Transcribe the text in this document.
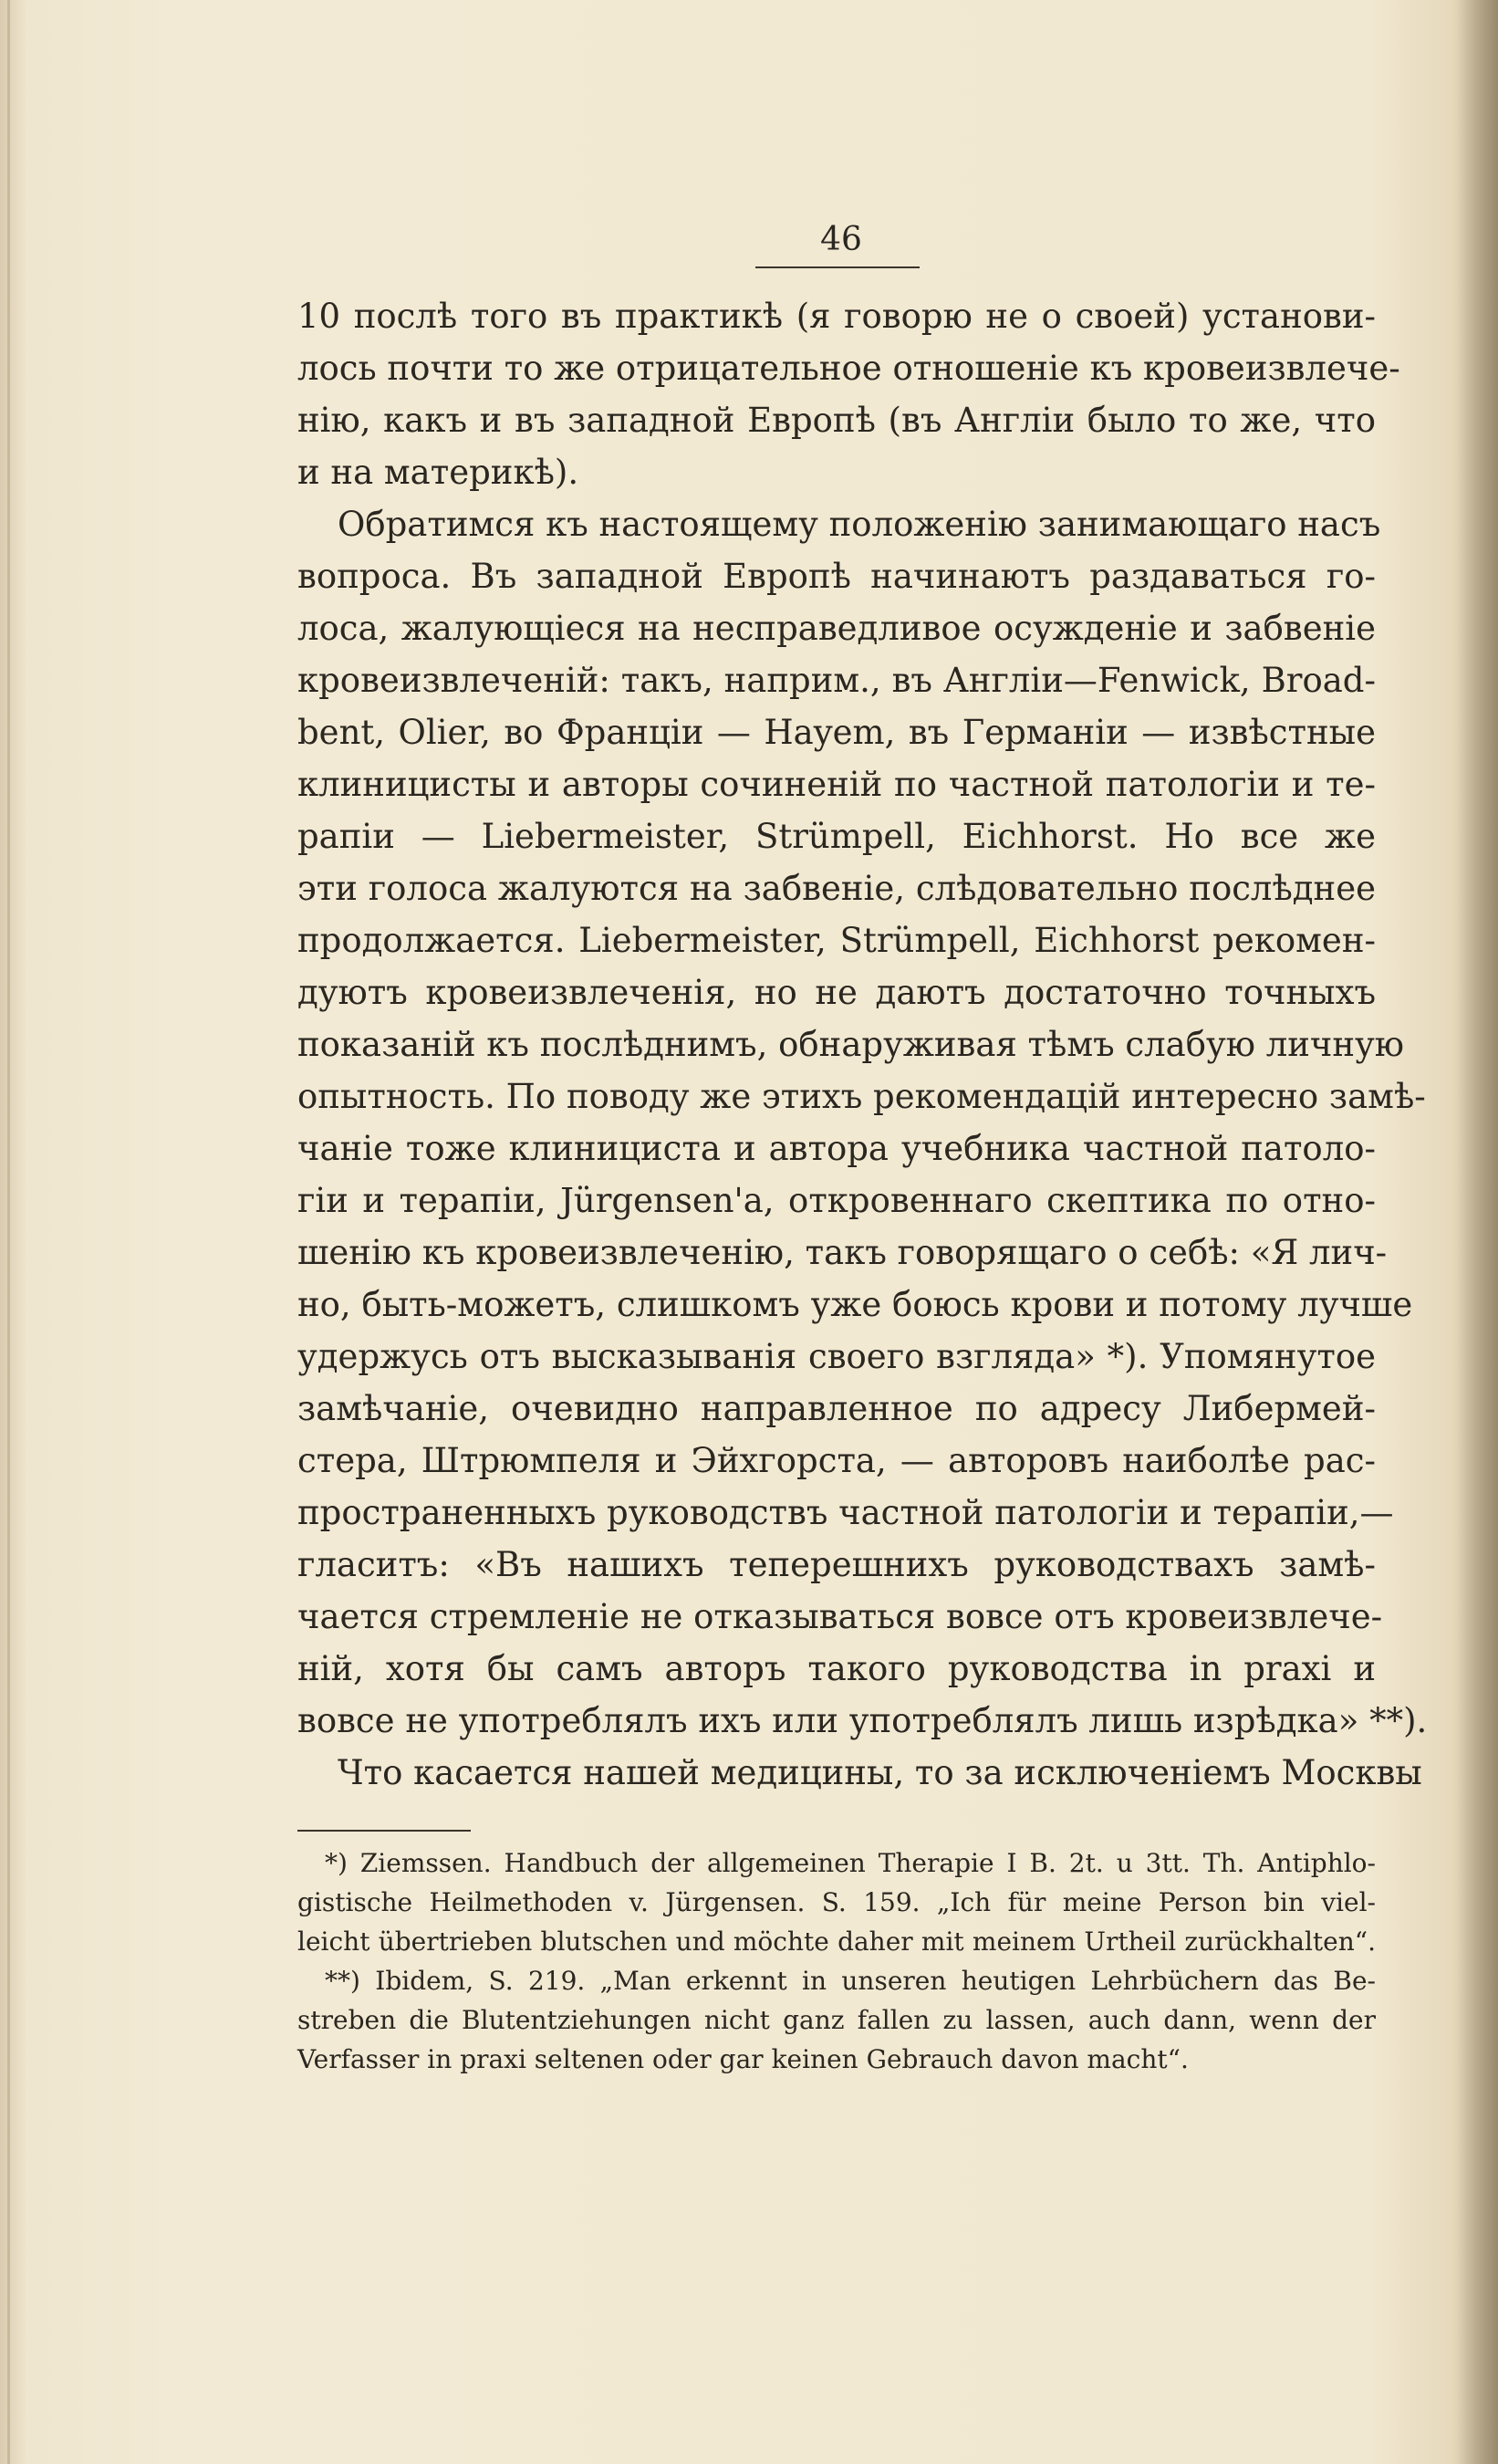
46
10 послѣ того въ практикѣ (я говорю не о своей) установи-
лось почти то же отрицательное отношеніе къ кровеизвлече-
нію, какъ и въ западной Европѣ (въ Англіи было то же, что
и на материкѣ).
Обратимся къ настоящему положенію занимающаго насъ
вопроса. Въ западной Европѣ начинаютъ раздаваться го-
лоса, жалующіеся на несправедливое осужденіе и забвеніе
кровеизвлеченій: такъ, наприм., въ Англіи—Fenwick, Broad-
bent, Olier, во Франціи — Hayem, въ Германіи — извѣстные
клиницисты и авторы сочиненій по частной патологіи и те-
рапіи — Liebermeister, Strümpell, Eichhorst. Но все же
эти голоса жалуются на забвеніе, слѣдовательно послѣднее
продолжается. Liebermeister, Strümpell, Eichhorst рекомен-
дуютъ кровеизвлеченія, но не даютъ достаточно точныхъ
показаній къ послѣднимъ, обнаруживая тѣмъ слабую личную
опытность. По поводу же этихъ рекомендацій интересно замѣ-
чаніе тоже клинициста и автора учебника частной патоло-
гіи и терапіи, Jürgensen'а, откровеннаго скептика по отно-
шенію къ кровеизвлеченію, такъ говорящаго о себѣ: «Я лич-
но, быть-можетъ, слишкомъ уже боюсь крови и потому лучше
удержусь отъ высказыванія своего взгляда» *). Упомянутое
замѣчаніе, очевидно направленное по адресу Либермей-
стера, Штрюмпеля и Эйхгорста, — авторовъ наиболѣе рас-
пространенныхъ руководствъ частной патологіи и терапіи,—
гласитъ: «Въ нашихъ теперешнихъ руководствахъ замѣ-
чается стремленіе не отказываться вовсе отъ кровеизвлече-
ній, хотя бы самъ авторъ такого руководства in praxi и
вовсе не употреблялъ ихъ или употреблялъ лишь изрѣдка» **).
Что касается нашей медицины, то за исключеніемъ Москвы
*) Ziemssen. Handbuch der allgemeinen Therapie I B. 2t. u 3tt. Th. Antiphlo-
gistische Heilmethoden v. Jürgensen. S. 159. „Ich für meine Person bin viel-
leicht übertrieben blutschen und möchte daher mit meinem Urtheil zurückhalten“.
**) Ibidem, S. 219. „Man erkennt in unseren heutigen Lehrbüchern das Be-
streben die Blutentziehungen nicht ganz fallen zu lassen, auch dann, wenn der
Verfasser in praxi seltenen oder gar keinen Gebrauch davon macht“.
